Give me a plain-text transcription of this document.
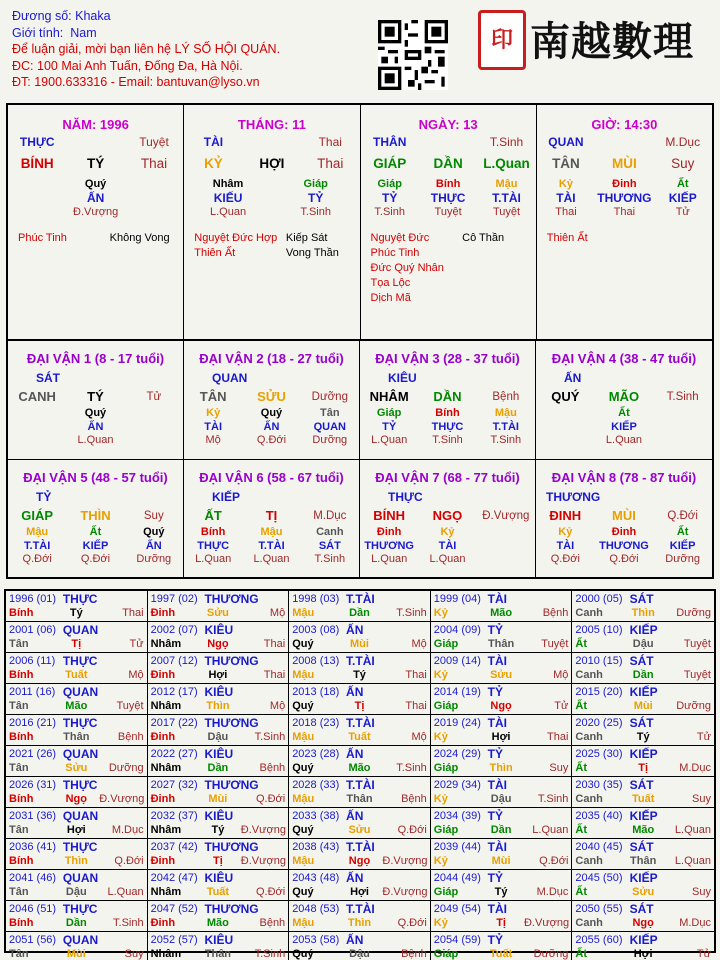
Đương số: Khaka
Giới tính: Nam
Để luận giải, mời bạn liên hệ LÝ SỐ HỘI QUÁN.
ĐC: 100 Mai Anh Tuấn, Đống Đa, Hà Nội.
ĐT: 1900.633316 - Email: bantuvan@lyso.vn
印 南越數理
NĂM: 1996
THỰC	Tuyệt
BÍNH	TÝ	Thai
Quý
ẤN
Đ.Vượng
Phúc Tinh	Không Vong
THÁNG: 11
TÀI	Thai
KỶ	HỢI	Thai
Nhâm	Giáp
KIẾU	TỶ
L.Quan	T.Sinh
Nguyệt Đức Hợp
Thiên Ất
Kiếp Sát
Vong Thần
NGÀY: 13
THÂN	T.Sinh
GIÁP	DẦN	L.Quan
Giáp	Bính	Mậu
TỶ	THỰC	T.TÀI
T.Sinh	Tuyệt	Tuyệt
Nguyệt Đức
Phúc Tinh
Đức Quý Nhân
Tọa Lộc
Dịch Mã
Cô Thần
GIỜ: 14:30
QUAN	M.Dục
TÂN	MÙI	Suy
Kỷ	Đinh	Ất
TÀI	THƯƠNG	KIẾP
Thai	Thai	Tử
Thiên Ất
ĐẠI VẬN 1 (8 - 17 tuổi)
SÁT
CANH	TÝ	Tử
Quý
ẤN
L.Quan
ĐẠI VẬN 2 (18 - 27 tuổi)
QUAN
TÂN	SỬU	Dưỡng
Kỷ	Quý	Tân
TÀI	ẤN	QUAN
Mộ	Q.Đới	Dưỡng
ĐẠI VẬN 3 (28 - 37 tuổi)
KIÊU
NHÂM	DẦN	Bệnh
Giáp	Bính	Mậu
TỶ	THỰC	T.TÀI
L.Quan	T.Sinh	T.Sinh
ĐẠI VẬN 4 (38 - 47 tuổi)
ẤN
QUÝ	MÃO	T.Sinh
Ất
KIẾP
L.Quan
ĐẠI VẬN 5 (48 - 57 tuổi)
TỶ
GIÁP	THÌN	Suy
Mậu	Ất	Quý
T.TÀI	KIẾP	ẤN
Q.Đới	Q.Đới	Dưỡng
ĐẠI VẬN 6 (58 - 67 tuổi)
KIẾP
ẤT	TỊ	M.Dục
Bính	Mậu	Canh
THỰC	T.TÀI	SÁT
L.Quan	L.Quan	T.Sinh
ĐẠI VẬN 7 (68 - 77 tuổi)
THỰC
BÍNH	NGỌ	Đ.Vượng
Đinh	Kỷ
THƯƠNG	TÀI
L.Quan	L.Quan
ĐẠI VẬN 8 (78 - 87 tuổi)
THƯƠNG
ĐINH	MÙI	Q.Đới
Kỷ	Đinh	Ất
TÀI	THƯƠNG	KIẾP
Q.Đới	Q.Đới	Dưỡng
1996 (01) THỰC
Bính	Tý	Thai
1997 (02) THƯƠNG
Đinh	Sửu	Mộ
1998 (03) T.TÀI
Mậu	Dần	T.Sinh
1999 (04) TÀI
Kỷ	Mão	Bệnh
2000 (05) SÁT
Canh	Thìn	Dưỡng
2001 (06) QUAN
Tân	Tị	Tử
2002 (07) KIÊU
Nhâm	Ngọ	Thai
2003 (08) ẤN
Quý	Mùi	Mộ
2004 (09) TỶ
Giáp	Thân	Tuyệt
2005 (10) KIẾP
Ất	Dậu	Tuyệt
2006 (11) THỰC
Bính	Tuất	Mộ
2007 (12) THƯƠNG
Đinh	Hợi	Thai
2008 (13) T.TÀI
Mậu	Tý	Thai
2009 (14) TÀI
Kỷ	Sửu	Mộ
2010 (15) SÁT
Canh	Dần	Tuyệt
2011 (16) QUAN
Tân	Mão	Tuyệt
2012 (17) KIÊU
Nhâm	Thìn	Mộ
2013 (18) ẤN
Quý	Tị	Thai
2014 (19) TỶ
Giáp	Ngọ	Tử
2015 (20) KIẾP
Ất	Mùi	Dưỡng
2016 (21) THỰC
Bính	Thân	Bệnh
2017 (22) THƯƠNG
Đinh	Dậu	T.Sinh
2018 (23) T.TÀI
Mậu	Tuất	Mộ
2019 (24) TÀI
Kỷ	Hợi	Thai
2020 (25) SÁT
Canh	Tý	Tử
2021 (26) QUAN
Tân	Sửu	Dưỡng
2022 (27) KIÊU
Nhâm	Dần	Bệnh
2023 (28) ẤN
Quý	Mão	T.Sinh
2024 (29) TỶ
Giáp	Thìn	Suy
2025 (30) KIẾP
Ất	Tị	M.Dục
2026 (31) THỰC
Bính	Ngọ	Đ.Vượng
2027 (32) THƯƠNG
Đinh	Mùi	Q.Đới
2028 (33) T.TÀI
Mậu	Thân	Bệnh
2029 (34) TÀI
Kỷ	Dậu	T.Sinh
2030 (35) SÁT
Canh	Tuất	Suy
2031 (36) QUAN
Tân	Hợi	M.Dục
2032 (37) KIÊU
Nhâm	Tý	Đ.Vượng
2033 (38) ẤN
Quý	Sửu	Q.Đới
2034 (39) TỶ
Giáp	Dần	L.Quan
2035 (40) KIẾP
Ất	Mão	L.Quan
2036 (41) THỰC
Bính	Thìn	Q.Đới
2037 (42) THƯƠNG
Đinh	Tị	Đ.Vượng
2038 (43) T.TÀI
Mậu	Ngọ	Đ.Vượng
2039 (44) TÀI
Kỷ	Mùi	Q.Đới
2040 (45) SÁT
Canh	Thân	L.Quan
2041 (46) QUAN
Tân	Dậu	L.Quan
2042 (47) KIÊU
Nhâm	Tuất	Q.Đới
2043 (48) ẤN
Quý	Hợi	Đ.Vượng
2044 (49) TỶ
Giáp	Tý	M.Dục
2045 (50) KIẾP
Ất	Sửu	Suy
2046 (51) THỰC
Bính	Dần	T.Sinh
2047 (52) THƯƠNG
Đinh	Mão	Bệnh
2048 (53) T.TÀI
Mậu	Thìn	Q.Đới
2049 (54) TÀI
Kỷ	Tị	Đ.Vượng
2050 (55) SÁT
Canh	Ngọ	M.Dục
2051 (56) QUAN
Tân	Mùi	Suy
2052 (57) KIÊU
Nhâm	Thân	T.Sinh
2053 (58) ẤN
Quý	Dậu	Bệnh
2054 (59) TỶ
Giáp	Tuất	Dưỡng
2055 (60) KIẾP
Ất	Hợi	Tử
